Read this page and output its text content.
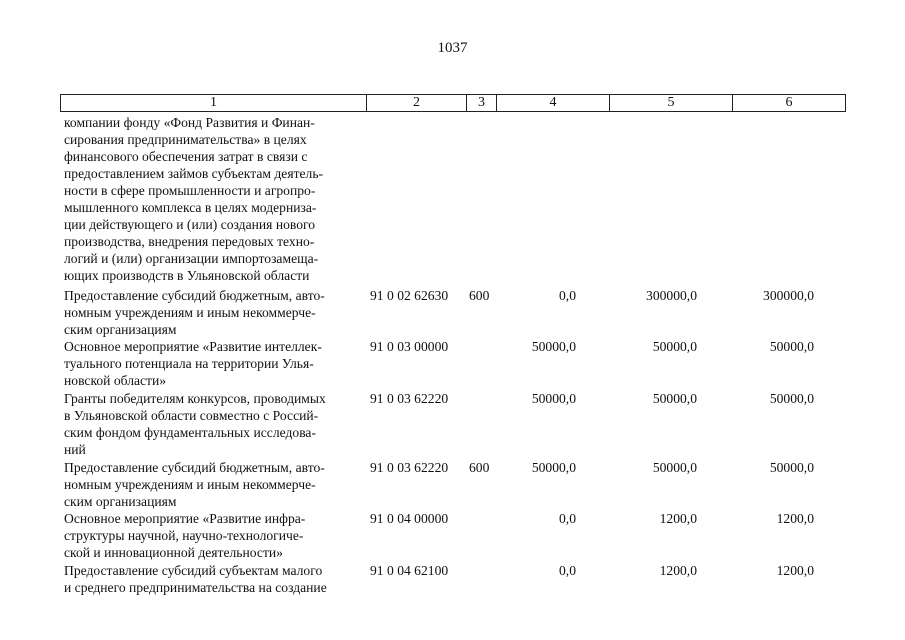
1037
1	2	3	4	5	6
компании фонду «Фонд Развития и Финан-
сирования предпринимательства» в целях
финансового обеспечения затрат в связи с
предоставлением займов субъектам деятель-
ности в сфере промышленности и агропро-
мышленного комплекса в целях модернизa-
ции действующего и (или) создания нового
производства, внедрения передовых техно-
логий и (или) организации импортозамеща-
ющих производств в Ульяновской области
Предоставление субсидий бюджетным, авто-
номным учреждениям и иным некоммерче-
ским организациям
91 0 02 62630 600	0,0	300000,0	300000,0
Основное мероприятие «Развитие интеллек-
туального потенциала на территории Улья-
новской области»
91 0 03 00000	50000,0	50000,0	50000,0
Гранты победителям конкурсов, проводимых
в Ульяновской области совместно с Россий-
ским фондом фундаментальных исследова-
ний
91 0 03 62220	50000,0	50000,0	50000,0
Предоставление субсидий бюджетным, авто-
номным учреждениям и иным некоммерче-
ским организациям
91 0 03 62220 600	50000,0	50000,0	50000,0
Основное мероприятие «Развитие инфра-
структуры научной, научно-технологиче-
ской и инновационной деятельности»
91 0 04 00000	0,0	1200,0	1200,0
Предоставление субсидий субъектам малого
и среднего предпринимательства на создание
91 0 04 62100	0,0	1200,0	1200,0
